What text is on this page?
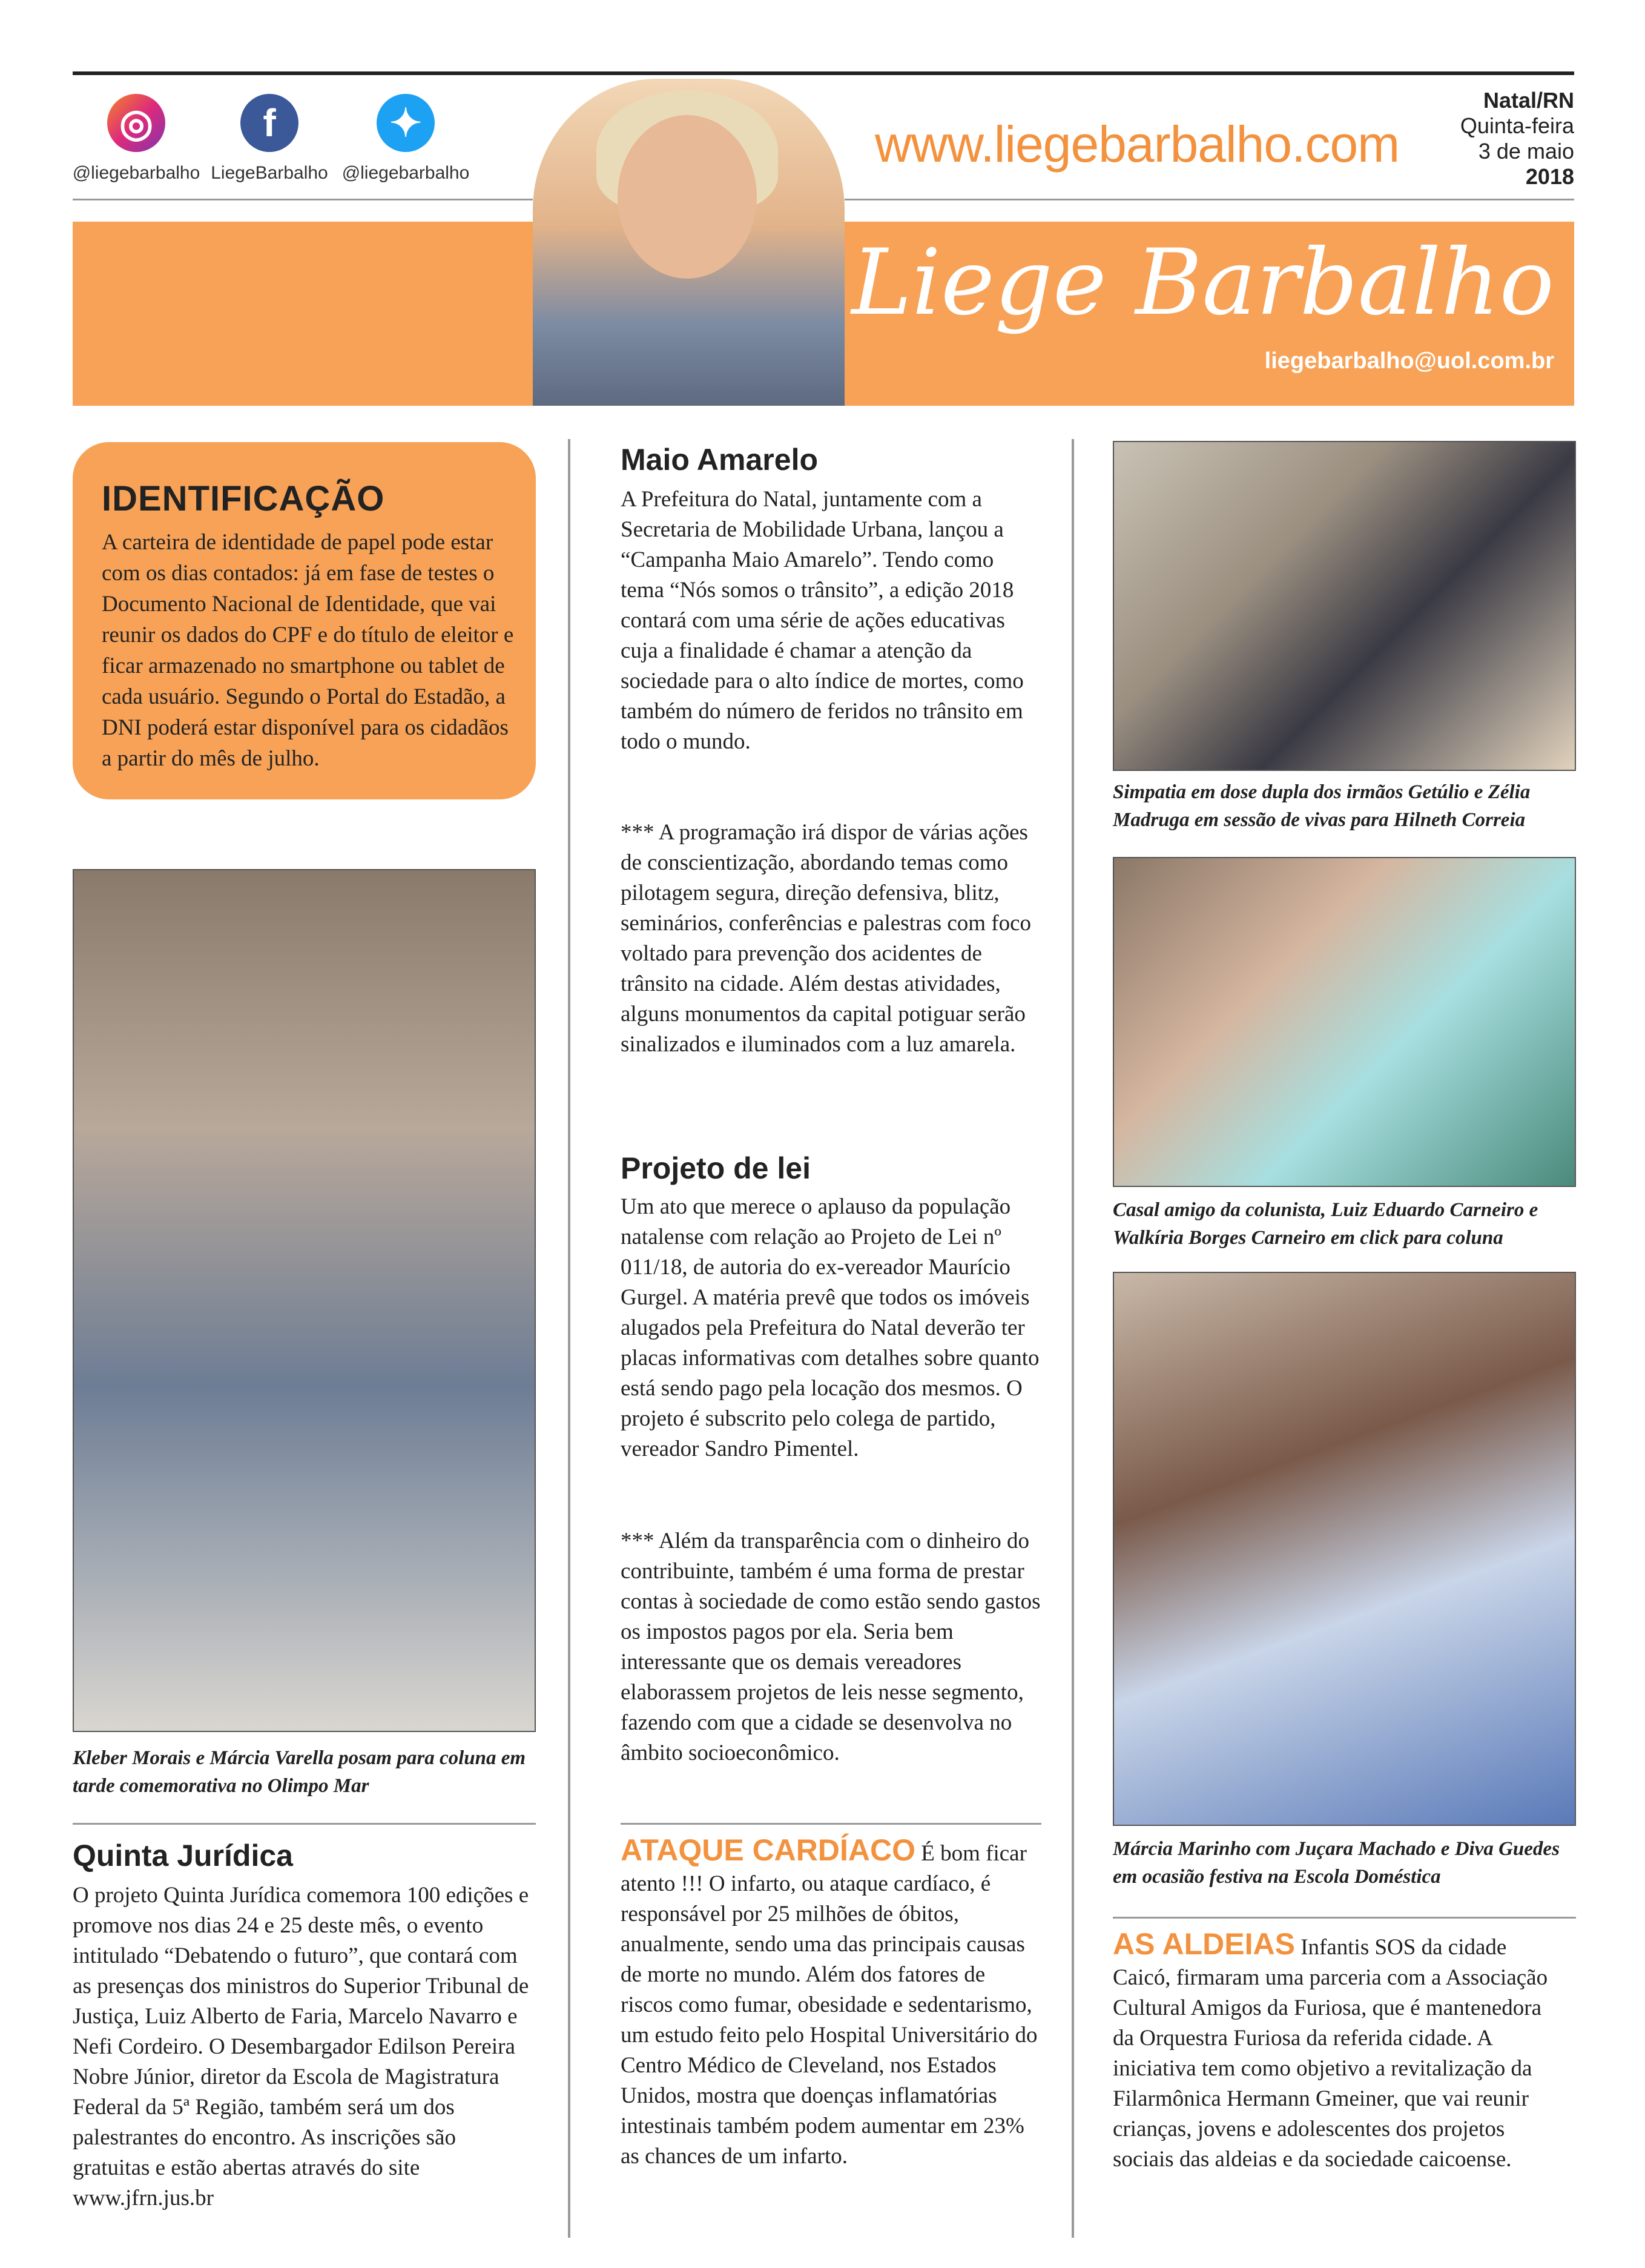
◎
@liegebarbalho
f
LiegeBarbalho
✦
@liegebarbalho
www.liegebarbalho.com
Natal/RN
Quinta-feira
3 de maio
2018
Liege Barbalho
liegebarbalho@uol.com.br
IDENTIFICAÇÃO
A carteira de identidade de papel pode estar com os dias contados: já em fase de testes o Documento Nacional de Identidade, que vai reunir os dados do CPF e do título de eleitor e ficar armazenado no smartphone ou tablet de cada usuário. Segundo o Portal do Estadão, a DNI poderá estar disponível para os cidadãos a partir do mês de julho.
Kleber Morais e Márcia Varella posam para coluna em tarde comemorativa no Olimpo Mar
Quinta Jurídica
O projeto Quinta Jurídica comemora 100 edições e promove nos dias 24 e 25 deste mês, o evento intitulado “Debatendo o futuro”, que contará com as presenças dos ministros do Superior Tribunal de Justiça, Luiz Alberto de Faria, Marcelo Navarro e Nefi Cordeiro. O Desembargador Edilson Pereira Nobre Júnior, diretor da Escola de Magistratura Federal da 5ª Região, também será um dos palestrantes do encontro. As inscrições são gratuitas e estão abertas através do site www.jfrn.jus.br
Maio Amarelo
A Prefeitura do Natal, juntamente com a Secretaria de Mobilidade Urbana, lançou a “Campanha Maio Amarelo”. Tendo como tema “Nós somos o trânsito”, a edição 2018 contará com uma série de ações educativas cuja a finalidade é chamar a atenção da sociedade para o alto índice de mortes, como também do número de feridos no trânsito em todo o mundo.
*** A programação irá dispor de várias ações de conscientização, abordando temas como pilotagem segura, direção defensiva, blitz, seminários, conferências e palestras com foco voltado para prevenção dos acidentes de trânsito na cidade. Além destas atividades, alguns monumentos da capital potiguar serão sinalizados e iluminados com a luz amarela.
Projeto de lei
Um ato que merece o aplauso da população natalense com relação ao Projeto de Lei nº 011/18, de autoria do ex-vereador Maurício Gurgel. A matéria prevê que todos os imóveis alugados pela Prefeitura do Natal deverão ter placas informativas com detalhes sobre quanto está sendo pago pela locação dos mesmos. O projeto é subscrito pelo colega de partido, vereador Sandro Pimentel.
*** Além da transparência com o dinheiro do contribuinte, também é uma forma de prestar contas à sociedade de como estão sendo gastos os impostos pagos por ela. Seria bem interessante que os demais vereadores elaborassem projetos de leis nesse segmento, fazendo com que a cidade se desenvolva no âmbito socioeconômico.
ATAQUE CARDÍACO É bom ficar atento !!! O infarto, ou ataque cardíaco, é responsável por 25 milhões de óbitos, anualmente, sendo uma das principais causas de morte no mundo. Além dos fatores de riscos como fumar, obesidade e sedentarismo, um estudo feito pelo Hospital Universitário do Centro Médico de Cleveland, nos Estados Unidos, mostra que doenças inflamatórias intestinais também podem aumentar em 23% as chances de um infarto.
Simpatia em dose dupla dos irmãos Getúlio e Zélia Madruga em sessão de vivas para Hilneth Correia
Casal amigo da colunista, Luiz Eduardo Carneiro e Walkíria Borges Carneiro em click para coluna
Márcia Marinho com Juçara Machado e Diva Guedes em ocasião festiva na Escola Doméstica
AS ALDEIAS Infantis SOS da cidade Caicó, firmaram uma parceria com a Associação Cultural Amigos da Furiosa, que é mantenedora da Orquestra Furiosa da referida cidade. A iniciativa tem como objetivo a revitalização da Filarmônica Hermann Gmeiner, que vai reunir crianças, jovens e adolescentes dos projetos sociais das aldeias e da sociedade caicoense.
